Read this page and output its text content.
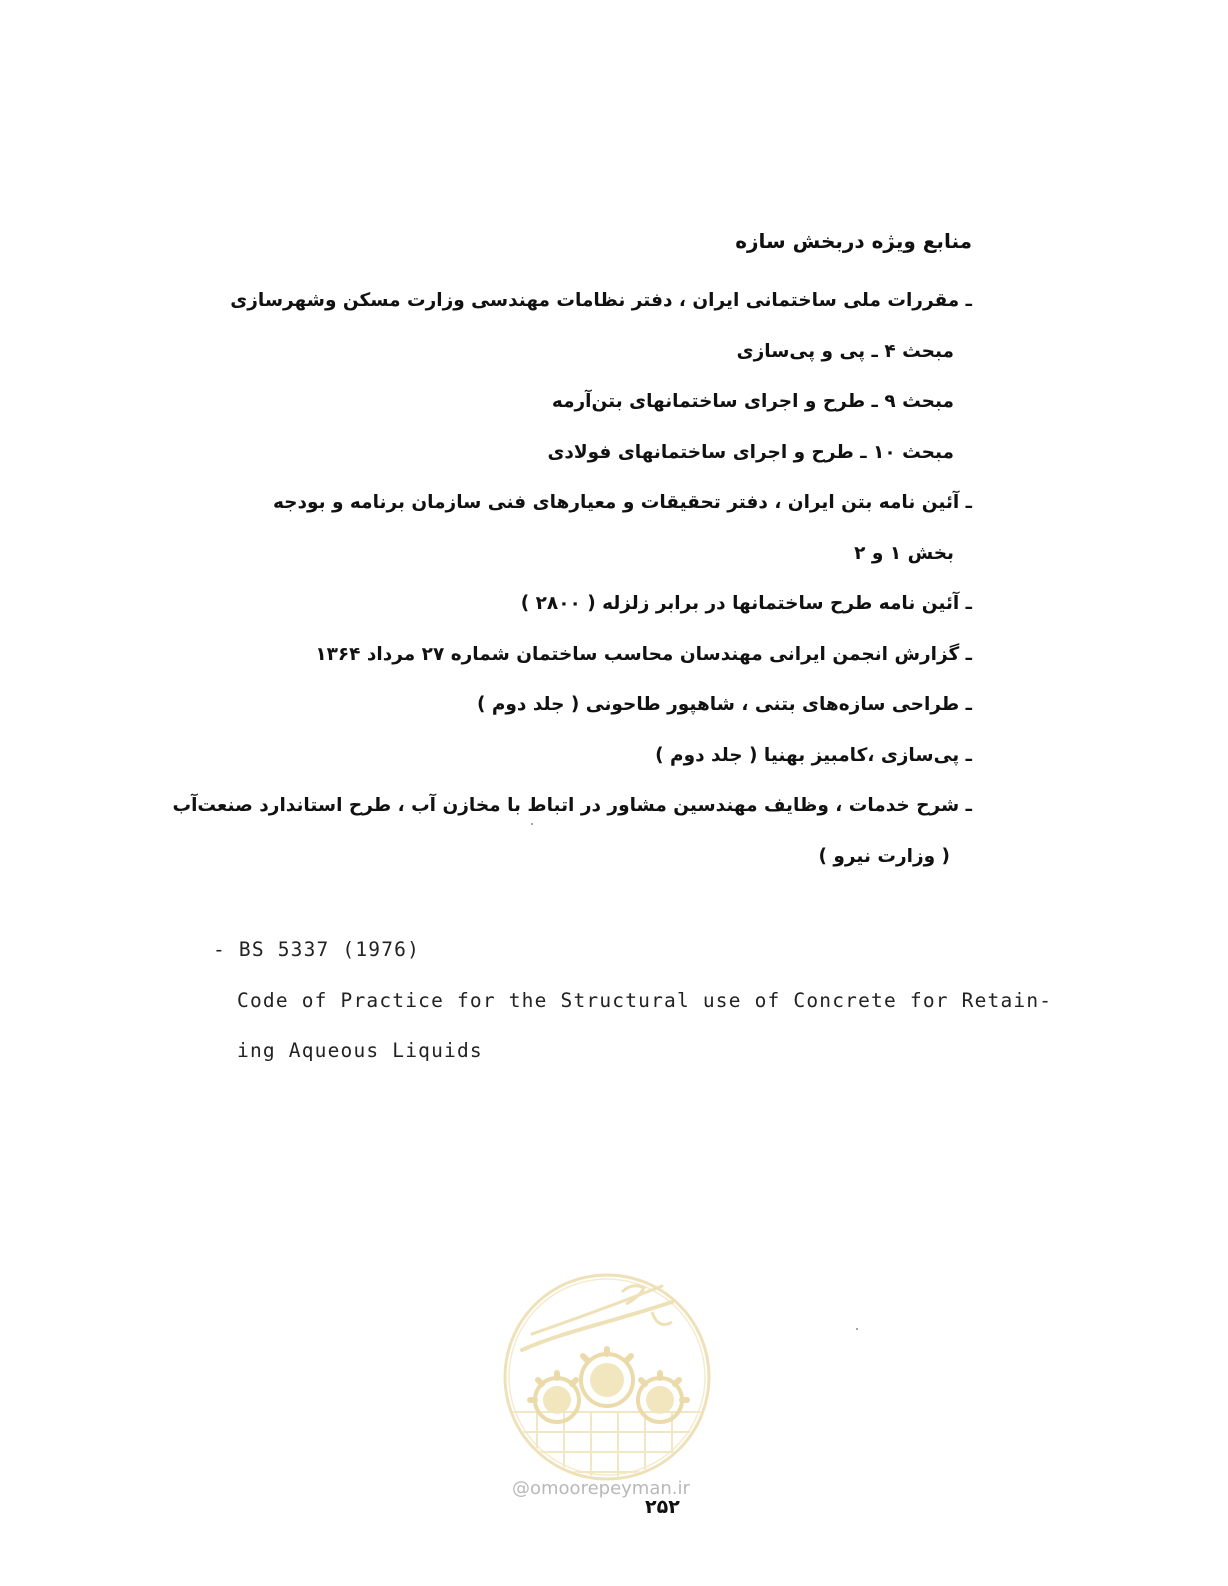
منابع ویژه دربخش سازه
ـ مقررات ملی ساختمانی ایران ، دفتر نظامات مهندسی وزارت مسکن وشهرسازی
مبحث ۴ ـ پی و پی‌سازی
مبحث ۹ ـ طرح و اجرای ساختمانهای بتن‌آرمه
مبحث ۱۰ ـ طرح و اجرای ساختمانهای فولادی
ـ آئین نامه بتن ایران ، دفتر تحقیقات و معیارهای فنی سازمان برنامه و بودجه
بخش ۱ و ۲
ـ آئین نامه طرح ساختمانها در برابر زلزله ( ۲۸۰۰ )
ـ گزارش انجمن ایرانی مهندسان محاسب ساختمان شماره ۲۷ مرداد ۱۳۶۴
ـ طراحی سازه‌های بتنی ، شاهپور طاحونی ( جلد دوم )
ـ پی‌سازی ،کامبیز بهنیا ( جلد دوم )
ـ شرح خدمات ، وظایف مهندسین مشاور در اتباط با مخازن آب ، طرح استاندارد صنعت‌آب
( وزارت نیرو )
- BS 5337 (1976)
Code of Practice for the Structural use of Concrete for Retain-
ing Aqueous Liquids
@omoorepeyman.ir
۲۵۲
